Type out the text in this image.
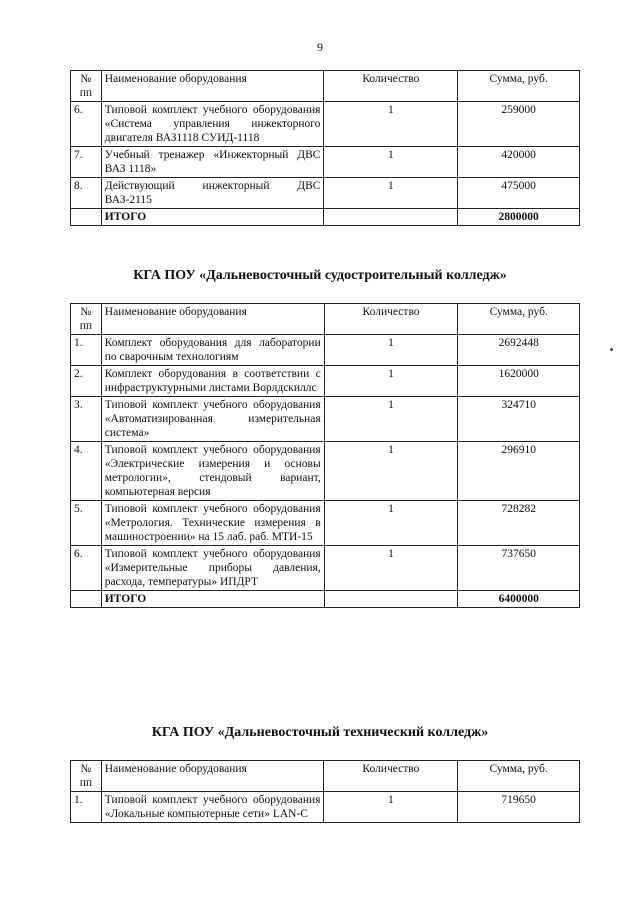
9
№ пп	Наименование оборудования	Количество	Сумма, руб.
6.	Типовой комплект учебного оборудования «Система управления инжекторного двигателя ВАЗ1118 СУИД-1118	1	259000
7.	Учебный тренажер «Инжекторный ДВС ВАЗ 1118»	1	420000
8.	Действующий инжекторный ДВС ВАЗ-2115	1	475000
	ИТОГО		2800000
КГА ПОУ «Дальневосточный судостроительный колледж»
№ пп	Наименование оборудования	Количество	Сумма, руб.
1.	Комплект оборудования для лаборатории по сварочным технологиям	1	2692448
2.	Комплект оборудования в соответствии с инфраструктурными листами Ворлдскиллс	1	1620000
3.	Типовой комплект учебного оборудования «Автоматизированная измерительная система»	1	324710
4.	Типовой комплект учебного оборудования «Электрические измерения и основы метрологии», стендовый вариант, компьютерная версия	1	296910
5.	Типовой комплект учебного оборудования «Метрология. Технические измерения в машиностроении» на 15 лаб. раб. МТИ-15	1	728282
6.	Типовой комплект учебного оборудования «Измерительные приборы давления, расхода, температуры» ИПДРТ	1	737650
	ИТОГО		6400000
КГА ПОУ «Дальневосточный технический колледж»
№ пп	Наименование оборудования	Количество	Сумма, руб.
1.	Типовой комплект учебного оборудования «Локальные компьютерные сети» LAN-C	1	719650
